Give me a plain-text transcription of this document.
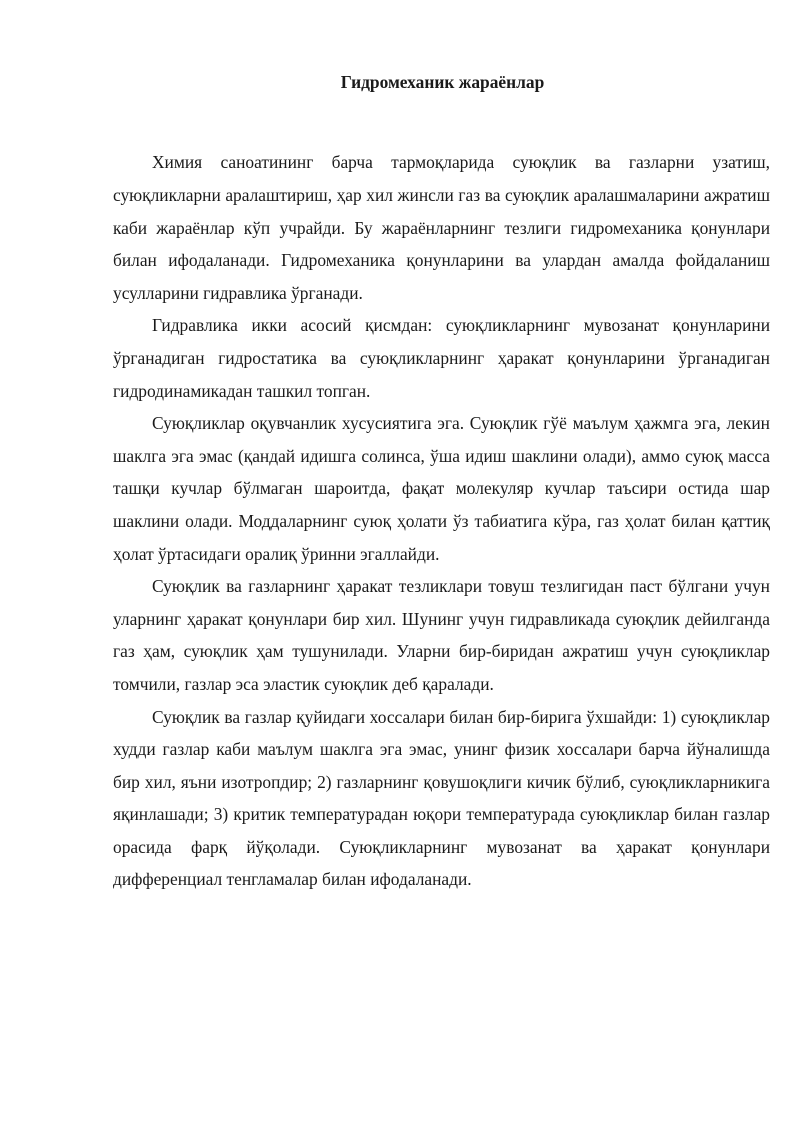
Гидромеханик жараёнлар

Химия саноатининг барча тармоқларида суюқлик ва газларни узатиш, суюқликларни аралаштириш, ҳар хил жинсли газ ва суюқлик аралашмаларини ажратиш каби жараёнлар кўп учрайди. Бу жараёнларнинг тезлиги гидромеханика қонунлари билан ифодаланади. Гидромеханика қонунларини ва улардан амалда фойдаланиш усулларини гидравлика ўрганади.

Гидравлика икки асосий қисмдан: суюқликларнинг мувозанат қонунларини ўрганадиган гидростатика ва суюқликларнинг ҳаракат қонунларини ўрганадиган гидродинамикадан ташкил топган.

Суюқликлар оқувчанлик хусусиятига эга. Суюқлик гўё маълум ҳажмга эга, лекин шаклга эга эмас (қандай идишга солинса, ўша идиш шаклини олади), аммо суюқ масса ташқи кучлар бўлмаган шароитда, фақат молекуляр кучлар таъсири остида шар шаклини олади. Моддаларнинг суюқ ҳолати ўз табиатига кўра, газ ҳолат билан қаттиқ ҳолат ўртасидаги оралиқ ўринни эгаллайди.

Суюқлик ва газларнинг ҳаракат тезликлари товуш тезлигидан паст бўлгани учун уларнинг ҳаракат қонунлари бир хил. Шунинг учун гидравликада суюқлик дейилганда газ ҳам, суюқлик ҳам тушунилади. Уларни бир-биридан ажратиш учун суюқликлар томчили, газлар эса эластик суюқлик деб қаралади.

Суюқлик ва газлар қуйидаги хоссалари билан бир-бирига ўхшайди: 1) суюқликлар худди газлар каби маълум шаклга эга эмас, унинг физик хоссалари барча йўналишда бир хил, яъни изотропдир; 2) газларнинг қовушоқлиги кичик бўлиб, суюқликларникига яқинлашади; 3) критик температурадан юқори температурада суюқликлар билан газлар орасида фарқ йўқолади. Суюқликларнинг мувозанат ва ҳаракат қонунлари дифференциал тенгламалар билан ифодаланади.
